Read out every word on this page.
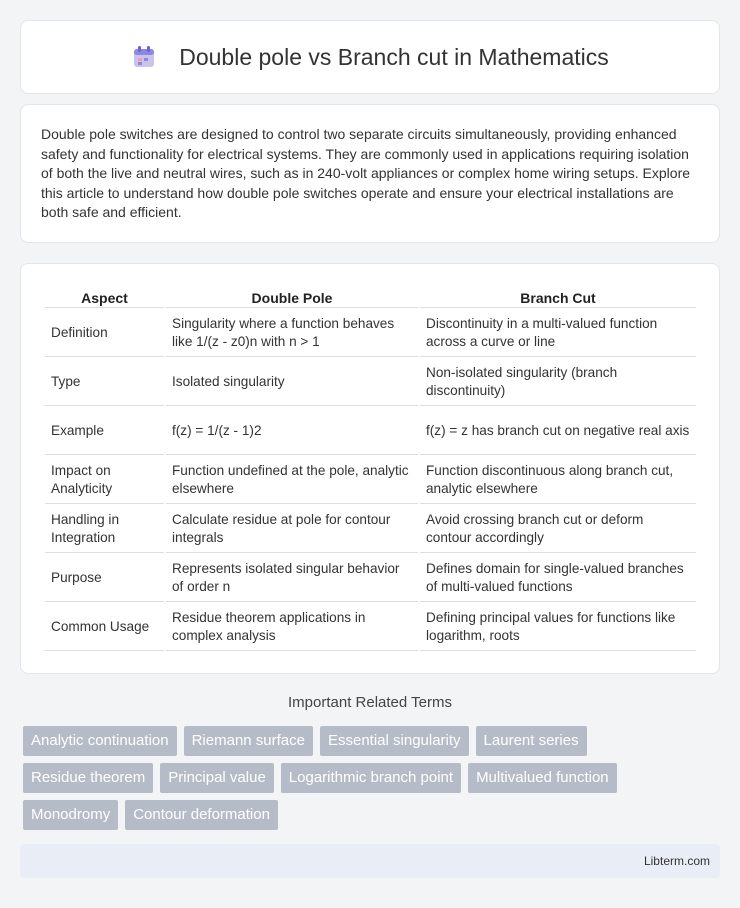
Double pole vs Branch cut in Mathematics

Double pole switches are designed to control two separate circuits simultaneously, providing enhanced safety and functionality for electrical systems. They are commonly used in applications requiring isolation of both the live and neutral wires, such as in 240-volt appliances or complex home wiring setups. Explore this article to understand how double pole switches operate and ensure your electrical installations are both safe and efficient.

Aspect	Double Pole	Branch Cut
Definition	Singularity where a function behaves like 1/(z - z0)n with n > 1	Discontinuity in a multi-valued function across a curve or line
Type	Isolated singularity	Non-isolated singularity (branch discontinuity)
Example	f(z) = 1/(z - 1)2	f(z) = z has branch cut on negative real axis
Impact on Analyticity	Function undefined at the pole, analytic elsewhere	Function discontinuous along branch cut, analytic elsewhere
Handling in Integration	Calculate residue at pole for contour integrals	Avoid crossing branch cut or deform contour accordingly
Purpose	Represents isolated singular behavior of order n	Defines domain for single-valued branches of multi-valued functions
Common Usage	Residue theorem applications in complex analysis	Defining principal values for functions like logarithm, roots
Important Related Terms
Analytic continuation	Riemann surface	Essential singularity	Laurent series
Residue theorem	Principal value	Logarithmic branch point	Multivalued function
Monodromy	Contour deformation
Libterm.com
